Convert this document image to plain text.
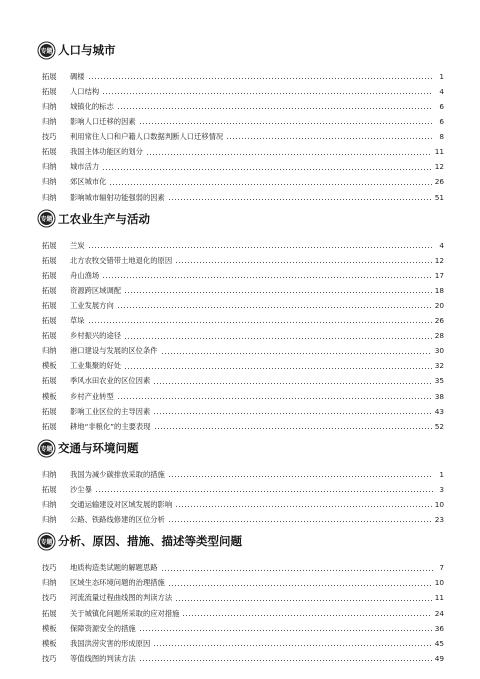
专题 人口与城市
拓展	碉楼	1
拓展	人口结构	4
归纳	城镇化的标志	6
归纳	影响人口迁移的因素	6
技巧	利用常住人口和户籍人口数据判断人口迁移情况	8
拓展	我国主体功能区的划分	11
归纳	城市活力	12
归纳	郊区城市化	26
归纳	影响城市辐射功能强弱的因素	51
专题 工农业生产与活动
拓展	兰炭	4
拓展	北方农牧交错带土地退化的原因	12
拓展	舟山渔场	17
拓展	资源跨区域调配	18
拓展	工业发展方向	20
拓展	草垛	26
拓展	乡村振兴的途径	28
归纳	港口建设与发展的区位条件	30
模板	工业集聚的好处	32
拓展	季风水田农业的区位因素	35
模板	乡村产业转型	38
拓展	影响工业区位的主导因素	43
拓展	耕地“非粮化”的主要表现	52
专题 交通与环境问题
归纳	我国为减少碳排放采取的措施	1
拓展	沙尘暴	3
归纳	交通运输建设对区域发展的影响	10
归纳	公路、铁路线修建的区位分析	23
专题 分析、原因、措施、描述等类型问题
技巧	地质构造类试题的解题思路	7
归纳	区域生态环境问题的治理措施	10
技巧	河流流量过程曲线图的判读方法	11
拓展	关于城镇化问题所采取的应对措施	24
模板	保障资源安全的措施	36
模板	我国洪涝灾害的形成原因	45
技巧	等值线图的判读方法	49
